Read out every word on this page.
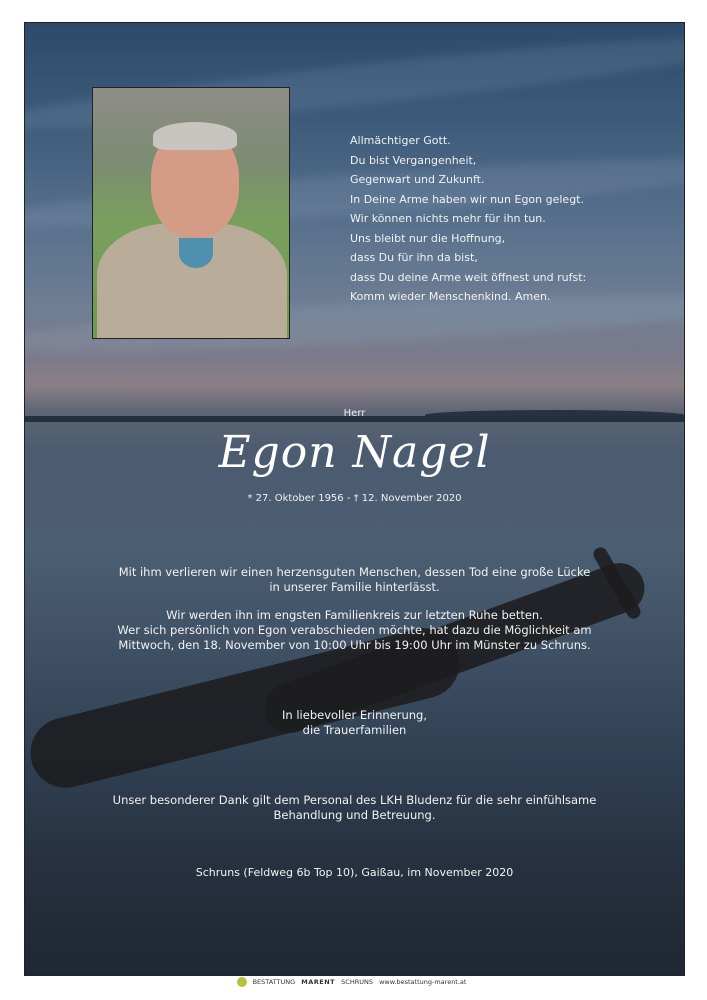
Allmächtiger Gott.
Du bist Vergangenheit,
Gegenwart und Zukunft.
In Deine Arme haben wir nun Egon gelegt.
Wir können nichts mehr für ihn tun.
Uns bleibt nur die Hoffnung,
dass Du für ihn da bist,
dass Du deine Arme weit öffnest und rufst:
Komm wieder Menschenkind. Amen.
Herr
Egon Nagel
* 27. Oktober 1956 - † 12. November 2020
Mit ihm verlieren wir einen herzensguten Menschen, dessen Tod eine große Lücke
in unserer Familie hinterlässt.
Wir werden ihn im engsten Familienkreis zur letzten Ruhe betten.
Wer sich persönlich von Egon verabschieden möchte, hat dazu die Möglichkeit am
Mittwoch, den 18. November von 10:00 Uhr bis 19:00 Uhr im Münster zu Schruns.
In liebevoller Erinnerung,
die Trauerfamilien
Unser besonderer Dank gilt dem Personal des LKH Bludenz für die sehr einfühlsame
Behandlung und Betreuung.
Schruns (Feldweg 6b Top 10), Gaißau, im November 2020
BESTATTUNG MARENT SCHRUNS www.bestattung-marent.at
